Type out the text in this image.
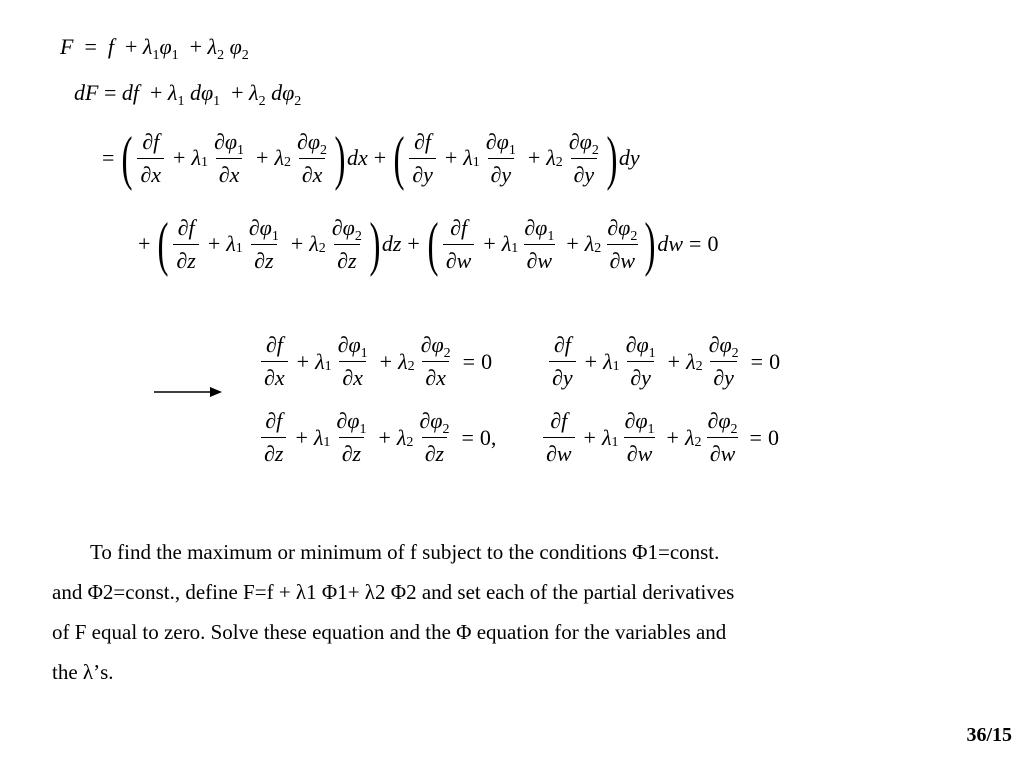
$F = f + \lambda_1\varphi_1 + \lambda_2$ $\varphi_2$
dF = df  + $\lambda_1$ $d\varphi_1 + \lambda_2$ $d\varphi_2$
= ( $\frac{\partial f}{\partial x} + \lambda$ $1 \frac{\partial\varphi_1}{\partial x} + \lambda$ $2 \frac{\partial\varphi_2}{\partial x}$ ) dx + ( $\frac{\partial f}{\partial y} + \lambda$ $1 \frac{\partial\varphi_1}{\partial y} + \lambda$ $2 \frac{\partial\varphi_2}{\partial y}$ ) dy
+ ( $\frac{\partial f}{\partial z} + \lambda$ $1 \frac{\partial\varphi_1}{\partial z} + \lambda$ $2 \frac{\partial\varphi_2}{\partial z}$ ) dz + ( $\frac{\partial f}{\partial w} + \lambda$ $1 \frac{\partial\varphi_1}{\partial w} + \lambda$ $2 \frac{\partial\varphi_2}{\partial w}$ ) dw = 0
$\frac{\partial f}{\partial x} + \lambda$ $1 \frac{\partial\varphi_1}{\partial x} + \lambda$ $2 \frac{\partial\varphi_2}{\partial x} = 0$	$\frac{\partial f}{\partial y} + \lambda$ $1 \frac{\partial\varphi_1}{\partial y} + \lambda$ $2 \frac{\partial\varphi_2}{\partial y} = 0$
$\frac{\partial f}{\partial z} + \lambda$ $1 \frac{\partial\varphi_1}{\partial z} + \lambda$ $2 \frac{\partial\varphi_2}{\partial z} = 0$, $\frac{\partial f}{\partial w} + \lambda$ $1 \frac{\partial\varphi_1}{\partial w} + \lambda$ $2 \frac{\partial\varphi_2}{\partial w} = 0$
To find the maximum or minimum of f subject to the conditions Φ1=const.
and Φ2=const., define F=f + λ1 Φ1+ λ2 Φ2 and set each of the partial derivatives
of F equal to zero. Solve these equation and the Φ equation for the variables and
the λ’s.
36/15
